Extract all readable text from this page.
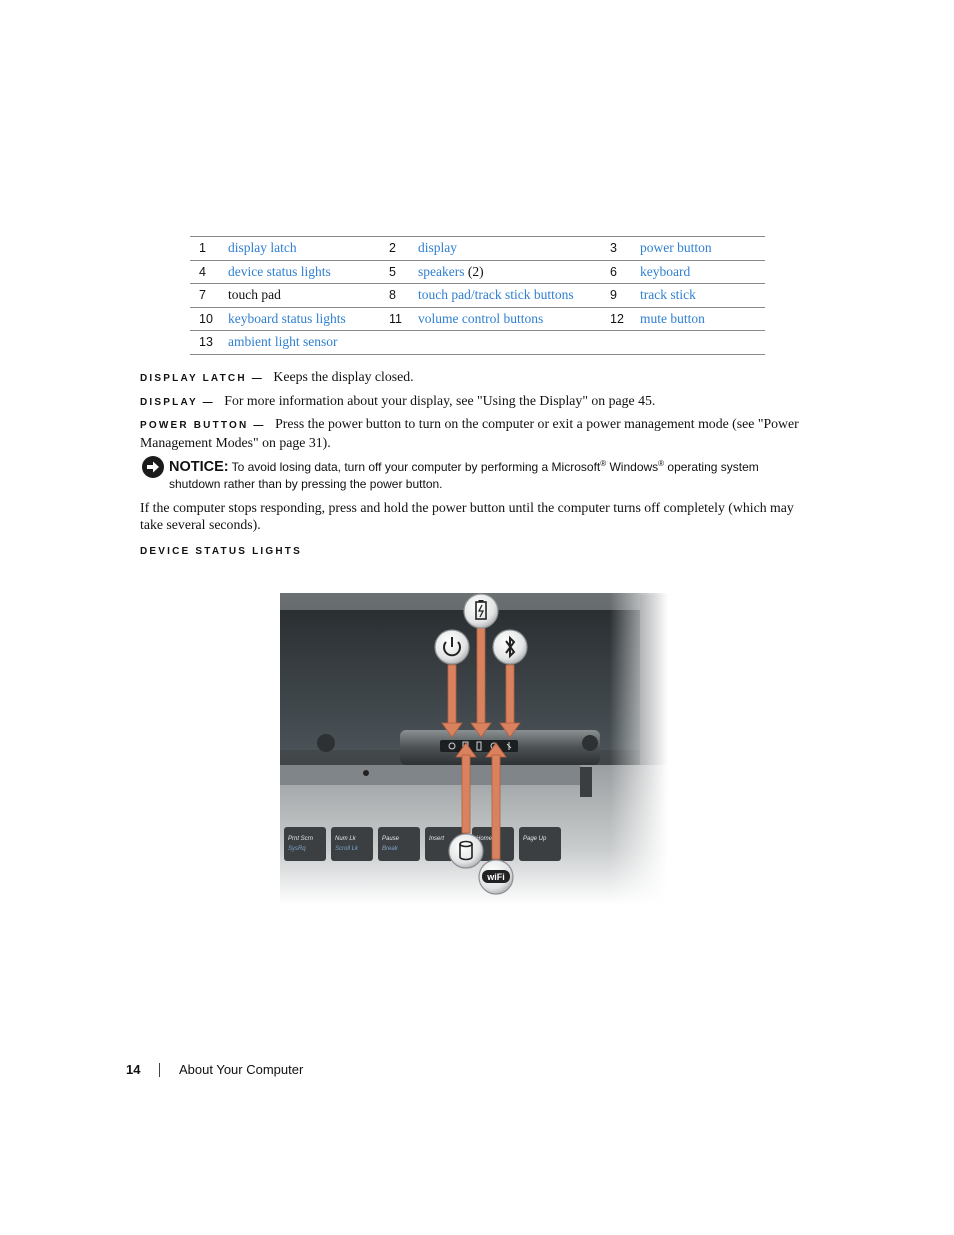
1	display latch	2	display	3	power button
4	device status lights	5	speakers (2)	6	keyboard
7	touch pad	8	touch pad/track stick buttons	9	track stick
10	keyboard status lights	11	volume control buttons	12	mute button
13	ambient light sensor				
DISPLAY LATCH — Keeps the display closed.
DISPLAY — For more information about your display, see "Using the Display" on page 45.
POWER BUTTON — Press the power button to turn on the computer or exit a power management mode (see "Power Management Modes" on page 31).
NOTICE: To avoid losing data, turn off your computer by performing a Microsoft® Windows® operating system
shutdown rather than by pressing the power button.
If the computer stops responding, press and hold the power button until the computer turns off completely (which may take several seconds).
DEVICE STATUS LIGHTS
wiFi
14	About Your Computer
